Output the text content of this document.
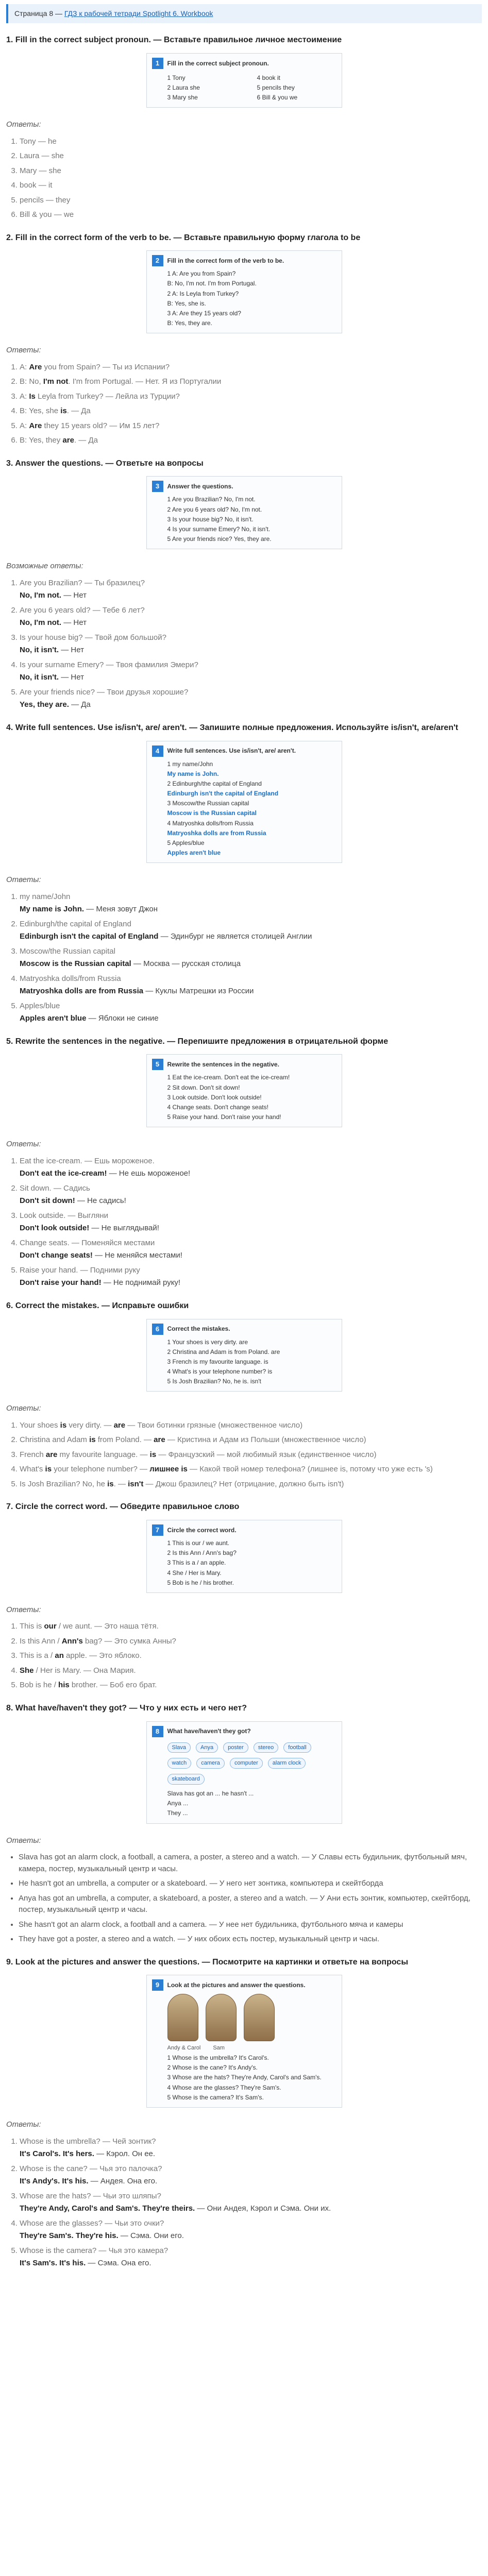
Страница 8 — ГДЗ к рабочей тетради Spotlight 6. Workbook
1. Fill in the correct subject pronoun. — Вставьте правильное личное местоимение
1	Fill in the correct subject pronoun.
1 Tony
2 Laura she
3 Mary she
4 book it
5 pencils they
6 Bill & you we
Ответы:
1. Tony — he
2. Laura — she
3. Mary — she
4. book — it
5. pencils — they
6. Bill & you — we
2. Fill in the correct form of the verb to be. — Вставьте правильную форму глагола to be
2	Fill in the correct form of the verb to be.
1 A: Are you from Spain?
B: No, I'm not. I'm from Portugal.
2 A: Is Leyla from Turkey?
B: Yes, she is.
3 A: Are they 15 years old?
B: Yes, they are.
Ответы:
1. A: Are you from Spain? — Ты из Испании?
2. B: No, I'm not. I'm from Portugal. — Нет. Я из Португалии
3. A: Is Leyla from Turkey? — Лейла из Турции?
4. B: Yes, she is. — Да
5. A: Are they 15 years old? — Им 15 лет?
6. B: Yes, they are. — Да
3. Answer the questions. — Ответьте на вопросы
3	Answer the questions.
1 Are you Brazilian? No, I'm not.
2 Are you 6 years old? No, I'm not.
3 Is your house big? No, it isn't.
4 Is your surname Emery? No, it isn't.
5 Are your friends nice? Yes, they are.
Возможные ответы:
1. Are you Brazilian? — Ты бразилец?
No, I'm not. — Нет
2. Are you 6 years old? — Тебе 6 лет?
No, I'm not. — Нет
3. Is your house big? — Твой дом большой?
No, it isn't. — Нет
4. Is your surname Emery? — Твоя фамилия Эмери?
No, it isn't. — Нет
5. Are your friends nice? — Твои друзья хорошие?
Yes, they are. — Да
4. Write full sentences. Use is/isn't, are/ aren't. — Запишите полные предложения. Используйте is/isn't, are/aren't
4	Write full sentences. Use is/isn't, are/ aren't.
1 my name/John
My name is John.
2 Edinburgh/the capital of England
Edinburgh isn't the capital of England
3 Moscow/the Russian capital
Moscow is the Russian capital
4 Matryoshka dolls/from Russia
Matryoshka dolls are from Russia
5 Apples/blue
Apples aren't blue
Ответы:
1. my name/John
My name is John. — Меня зовут Джон
2. Edinburgh/the capital of England
Edinburgh isn't the capital of England — Эдинбург не является столицей Англии
3. Moscow/the Russian capital
Moscow is the Russian capital — Москва — русская столица
4. Matryoshka dolls/from Russia
Matryoshka dolls are from Russia — Куклы Матрешки из России
5. Apples/blue
Apples aren't blue — Яблоки не синие
5. Rewrite the sentences in the negative. — Перепишите предложения в отрицательной форме
5	Rewrite the sentences in the negative.
1 Eat the ice-cream. Don't eat the ice-cream!
2 Sit down. Don't sit down!
3 Look outside. Don't look outside!
4 Change seats. Don't change seats!
5 Raise your hand. Don't raise your hand!
Ответы:
1. Eat the ice-cream. — Ешь мороженое.
Don't eat the ice-cream! — Не ешь мороженое!
2. Sit down. — Садись
Don't sit down! — Не садись!
3. Look outside. — Выгляни
Don't look outside! — Не выглядывай!
4. Change seats. — Поменяйся местами
Don't change seats! — Не меняйся местами!
5. Raise your hand. — Подними руку
Don't raise your hand! — Не поднимай руку!
6. Correct the mistakes. — Исправьте ошибки
6	Correct the mistakes.
1 Your shoes is very dirty. are
2 Christina and Adam is from Poland. are
3 French is my favourite language. is
4 What's is your telephone number? is
5 Is Josh Brazilian? No, he is. isn't
Ответы:
1. Your shoes is very dirty. — are — Твои ботинки грязные (множественное число)
2. Christina and Adam is from Poland. — are — Кристина и Адам из Польши (множественное число)
3. French are my favourite language. — is — Французский — мой любимый язык (единственное число)
4. What's is your telephone number? — лишнее is — Какой твой номер телефона? (лишнее is, потому что уже есть 's)
5. Is Josh Brazilian? No, he is. — isn't — Джош бразилец? Нет (отрицание, должно быть isn't)
7. Circle the correct word. — Обведите правильное слово
7	Circle the correct word.
1 This is our / we aunt.
2 Is this Ann / Ann's bag?
3 This is a / an apple.
4 She / Her is Mary.
5 Bob is he / his brother.
Ответы:
1. This is our / we aunt. — Это наша тётя.
2. Is this Ann / Ann's bag? — Это сумка Анны?
3. This is a / an apple. — Это яблоко.
4. She / Her is Mary. — Она Мария.
5. Bob is he / his brother. — Боб его брат.
8. What have/haven't they got? — Что у них есть и чего нет?
8	What have/haven't they got?
Slava	Anya	poster	stereo	football
watch	camera	computer	alarm clock
skateboard
Slava has got an ... he hasn't ...
Anya ...
They ...
Ответы:
• Slava has got an alarm clock, a football, a camera, a poster, a stereo and a watch. — У Славы есть будильник, футбольный мяч, камера, постер, музыкальный центр и часы.
• He hasn't got an umbrella, a computer or a skateboard. — У него нет зонтика, компьютера и скейтборда
• Anya has got an umbrella, a computer, a skateboard, a poster, a stereo and a watch. — У Ани есть зонтик, компьютер, скейтборд, постер, музыкальный центр и часы.
• She hasn't got an alarm clock, a football and a camera. — У нее нет будильника, футбольного мяча и камеры
• They have got a poster, a stereo and a watch. — У них обоих есть постер, музыкальный центр и часы.
9. Look at the pictures and answer the questions. — Посмотрите на картинки и ответьте на вопросы
9	Look at the pictures and answer the questions.
Andy & Carol Sam
1 Whose is the umbrella? It's Carol's.
2 Whose is the cane? It's Andy's.
3 Whose are the hats? They're Andy, Carol's and Sam's.
4 Whose are the glasses? They're Sam's.
5 Whose is the camera? It's Sam's.
Ответы:
1. Whose is the umbrella? — Чей зонтик?
It's Carol's. It's hers. — Кэрол. Он ее.
2. Whose is the cane? — Чья это палочка?
It's Andy's. It's his. — Андея. Она его.
3. Whose are the hats? — Чьи это шляпы?
They're Andy, Carol's and Sam's. They're theirs. — Они Андея, Кэрол и Сэма. Они их.
4. Whose are the glasses? — Чьи это очки?
They're Sam's. They're his. — Сэма. Они его.
5. Whose is the camera? — Чья это камера?
It's Sam's. It's his. — Сэма. Она его.
